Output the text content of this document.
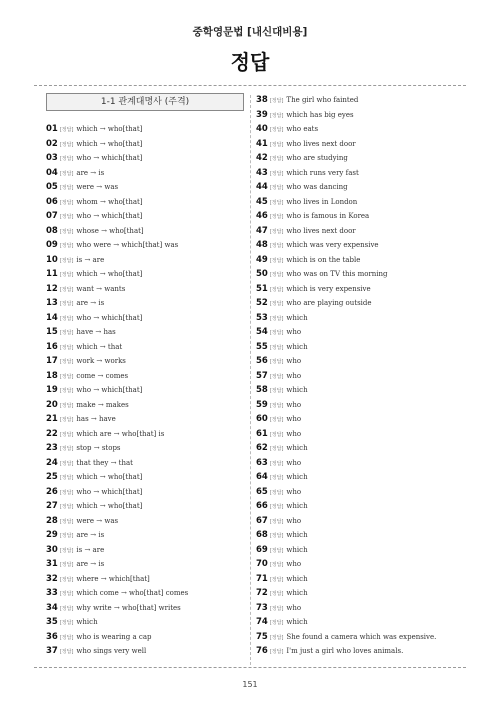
중학영문법 [내신대비용]
정답
1-1 관계대명사 (주격)
01 [정답] which → who[that]
02 [정답] which → who[that]
03 [정답] who → which[that]
04 [정답] are → is
05 [정답] were → was
06 [정답] whom → who[that]
07 [정답] who → which[that]
08 [정답] whose → who[that]
09 [정답] who were → which[that] was
10 [정답] is → are
11 [정답] which → who[that]
12 [정답] want → wants
13 [정답] are → is
14 [정답] who → which[that]
15 [정답] have → has
16 [정답] which → that
17 [정답] work → works
18 [정답] come → comes
19 [정답] who → which[that]
20 [정답] make → makes
21 [정답] has → have
22 [정답] which are → who[that] is
23 [정답] stop → stops
24 [정답] that they → that
25 [정답] which → who[that]
26 [정답] who → which[that]
27 [정답] which → who[that]
28 [정답] were → was
29 [정답] are → is
30 [정답] is → are
31 [정답] are → is
32 [정답] where → which[that]
33 [정답] which come → who[that] comes
34 [정답] why write → who[that] writes
35 [정답] which
36 [정답] who is wearing a cap
37 [정답] who sings very well
38 [정답] The girl who fainted
39 [정답] which has big eyes
40 [정답] who eats
41 [정답] who lives next door
42 [정답] who are studying
43 [정답] which runs very fast
44 [정답] who was dancing
45 [정답] who lives in London
46 [정답] who is famous in Korea
47 [정답] who lives next door
48 [정답] which was very expensive
49 [정답] which is on the table
50 [정답] who was on TV this morning
51 [정답] which is very expensive
52 [정답] who are playing outside
53 [정답] which
54 [정답] who
55 [정답] which
56 [정답] who
57 [정답] who
58 [정답] which
59 [정답] who
60 [정답] who
61 [정답] who
62 [정답] which
63 [정답] who
64 [정답] which
65 [정답] who
66 [정답] which
67 [정답] who
68 [정답] which
69 [정답] which
70 [정답] who
71 [정답] which
72 [정답] which
73 [정답] who
74 [정답] which
75 [정답] She found a camera which was expensive.
76 [정답] I'm just a girl who loves animals.
151
